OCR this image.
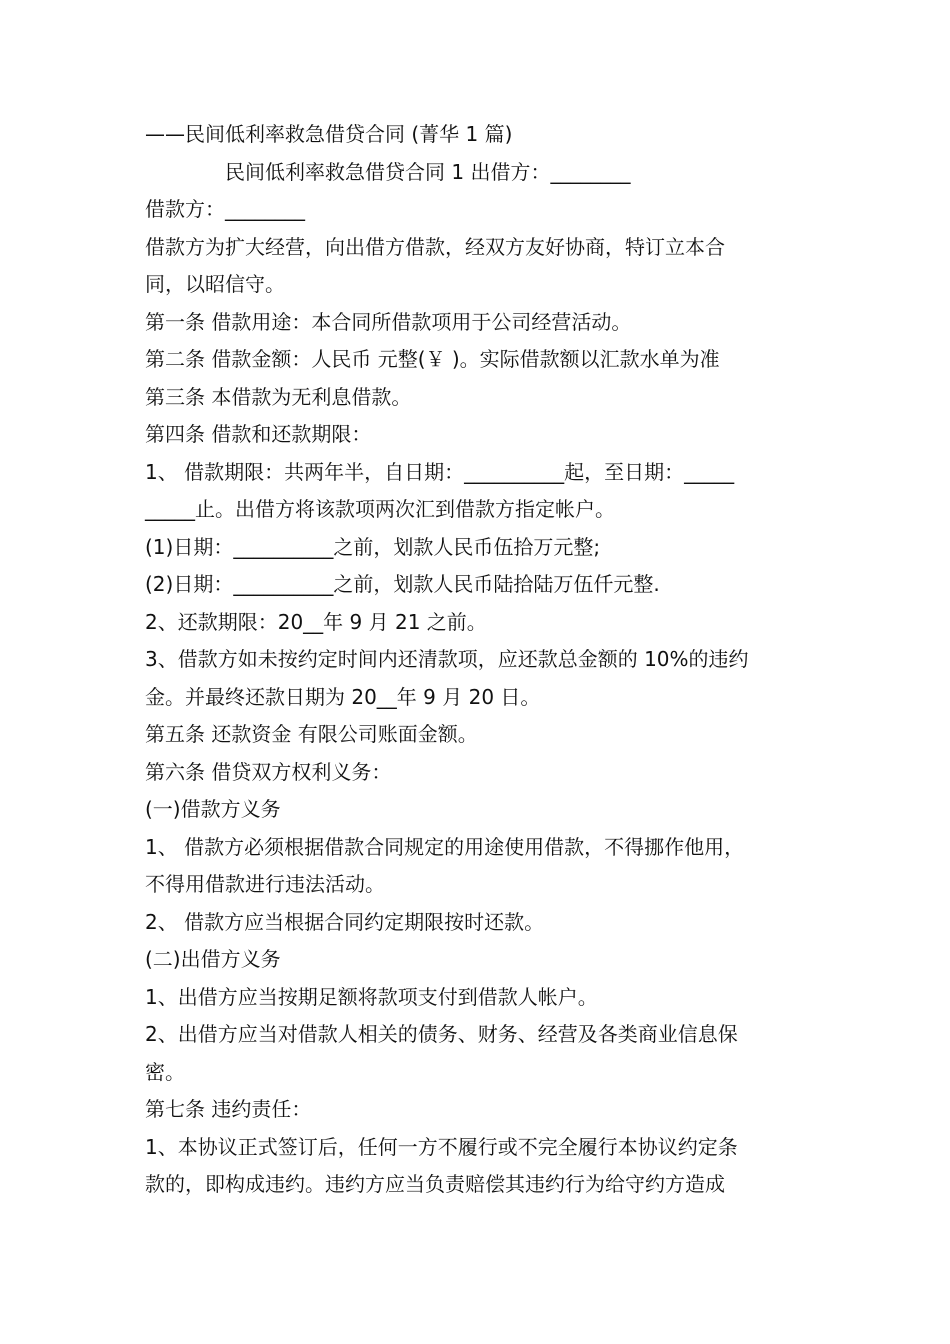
——民间低利率救急借贷合同 (菁华 1 篇)
民间低利率救急借贷合同 1 出借方：________
借款方：________
借款方为扩大经营，向出借方借款，经双方友好协商，特订立本合
同，以昭信守。
第一条 借款用途：本合同所借款项用于公司经营活动。
第二条 借款金额：人民币 元整(￥ )。实际借款额以汇款水单为准
第三条 本借款为无利息借款。
第四条 借款和还款期限：
1、 借款期限：共两年半，自日期：__________起，至日期：_____
_____止。出借方将该款项两次汇到借款方指定帐户。
(1)日期：__________之前，划款人民币伍拾万元整;
(2)日期：__________之前，划款人民币陆拾陆万伍仟元整.
2、还款期限：20__年 9 月 21 之前。
3、借款方如未按约定时间内还清款项，应还款总金额的 10%的违约
金。并最终还款日期为 20__年 9 月 20 日。
第五条 还款资金 有限公司账面金额。
第六条 借贷双方权利义务：
(一)借款方义务
1、 借款方必须根据借款合同规定的用途使用借款，不得挪作他用，
不得用借款进行违法活动。
2、 借款方应当根据合同约定期限按时还款。
(二)出借方义务
1、出借方应当按期足额将款项支付到借款人帐户。
2、出借方应当对借款人相关的债务、财务、经营及各类商业信息保
密。
第七条 违约责任：
1、本协议正式签订后，任何一方不履行或不完全履行本协议约定条
款的，即构成违约。违约方应当负责赔偿其违约行为给守约方造成
